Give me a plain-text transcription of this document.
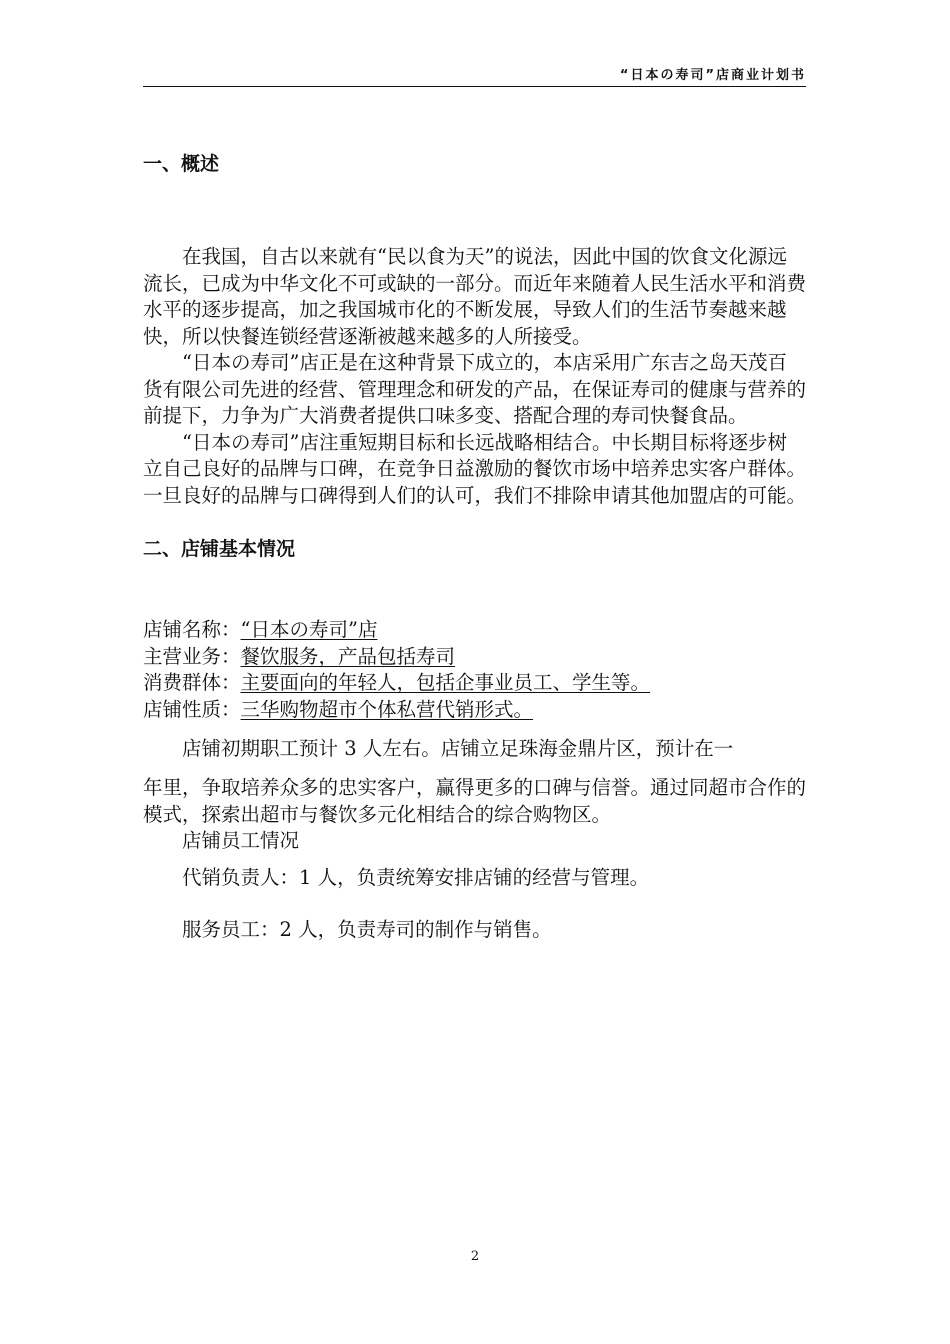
“日本の寿司”店商业计划书
一、概述

在我国，自古以来就有“民以食为天”的说法，因此中国的饮食文化源远流长，已成为中华文化不可或缺的一部分。而近年来随着人民生活水平和消费水平的逐步提高，加之我国城市化的不断发展，导致人们的生活节奏越来越快，所以快餐连锁经营逐渐被越来越多的人所接受。

“日本の寿司”店正是在这种背景下成立的，本店采用广东吉之岛天茂百货有限公司先进的经营、管理理念和研发的产品，在保证寿司的健康与营养的前提下，力争为广大消费者提供口味多变、搭配合理的寿司快餐食品。

“日本の寿司”店注重短期目标和长远战略相结合。中长期目标将逐步树立自己良好的品牌与口碑，在竞争日益激励的餐饮市场中培养忠实客户群体。一旦良好的品牌与口碑得到人们的认可，我们不排除申请其他加盟店的可能。

二、店铺基本情况
店铺名称：“日本の寿司”店
主营业务：餐饮服务，产品包括寿司
消费群体：主要面向的年轻人，包括企事业员工、学生等。
店铺性质：三华购物超市个体私营代销形式。

店铺初期职工预计 3 人左右。店铺立足珠海金鼎片区，预计在一

年里，争取培养众多的忠实客户，赢得更多的口碑与信誉。通过同超市合作的模式，探索出超市与餐饮多元化相结合的综合购物区。

店铺员工情况

代销负责人：1 人，负责统筹安排店铺的经营与管理。

服务员工：2 人，负责寿司的制作与销售。

2
